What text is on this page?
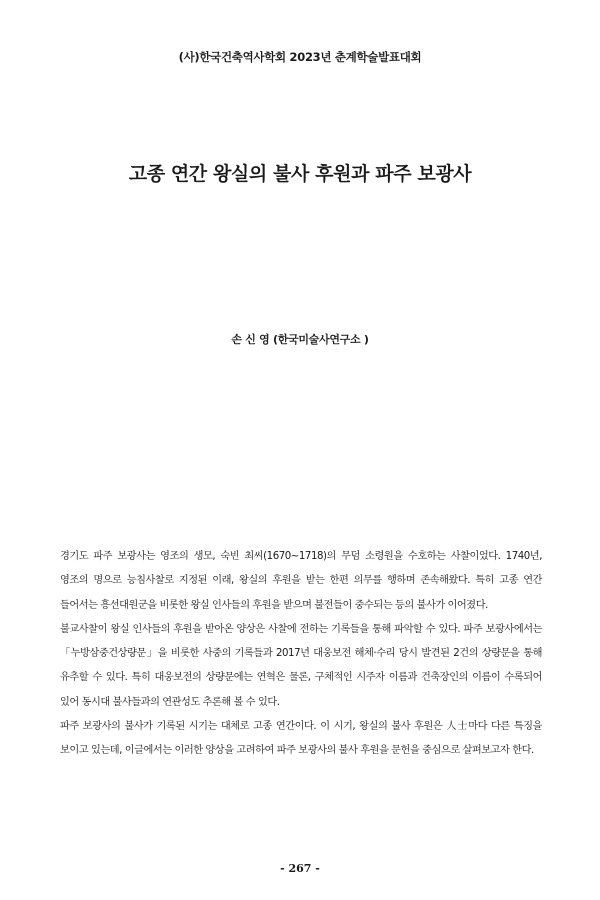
(사)한국건축역사학회 2023년 춘계학술발표대회
고종 연간 왕실의 불사 후원과 파주 보광사
손 신 영 (한국미술사연구소 )

경기도 파주 보광사는 영조의 생모, 숙빈 최씨(1670~1718)의 무덤 소령원을 수호하는 사찰이었다. 1740년, 영조의 명으로 능침사찰로 지정된 이래, 왕실의 후원을 받는 한편 의무를 행하며 존속해왔다. 특히 고종 연간 들어서는 흥선대원군을 비롯한 왕실 인사들의 후원을 받으며 불전들이 중수되는 등의 불사가 이어졌다.

불교사찰이 왕실 인사들의 후원을 받아온 양상은 사찰에 전하는 기록들을 통해 파악할 수 있다. 파주 보광사에서는 「누방삼중건상량문」을 비롯한 사중의 기록들과 2017년 대웅보전 해체·수리 당시 발견된 2건의 상량문을 통해 유추할 수 있다. 특히 대웅보전의 상량문에는 연혁은 물론, 구체적인 시주자 이름과 건축장인의 이름이 수록되어 있어 동시대 불사들과의 연관성도 추론해 볼 수 있다.

파주 보광사의 불사가 기록된 시기는 대체로 고종 연간이다. 이 시기, 왕실의 불사 후원은 人士마다 다른 특징을 보이고 있는데, 이글에서는 이러한 양상을 고려하여 파주 보광사의 불사 후원을 문헌을 중심으로 살펴보고자 한다.

- 267 -
